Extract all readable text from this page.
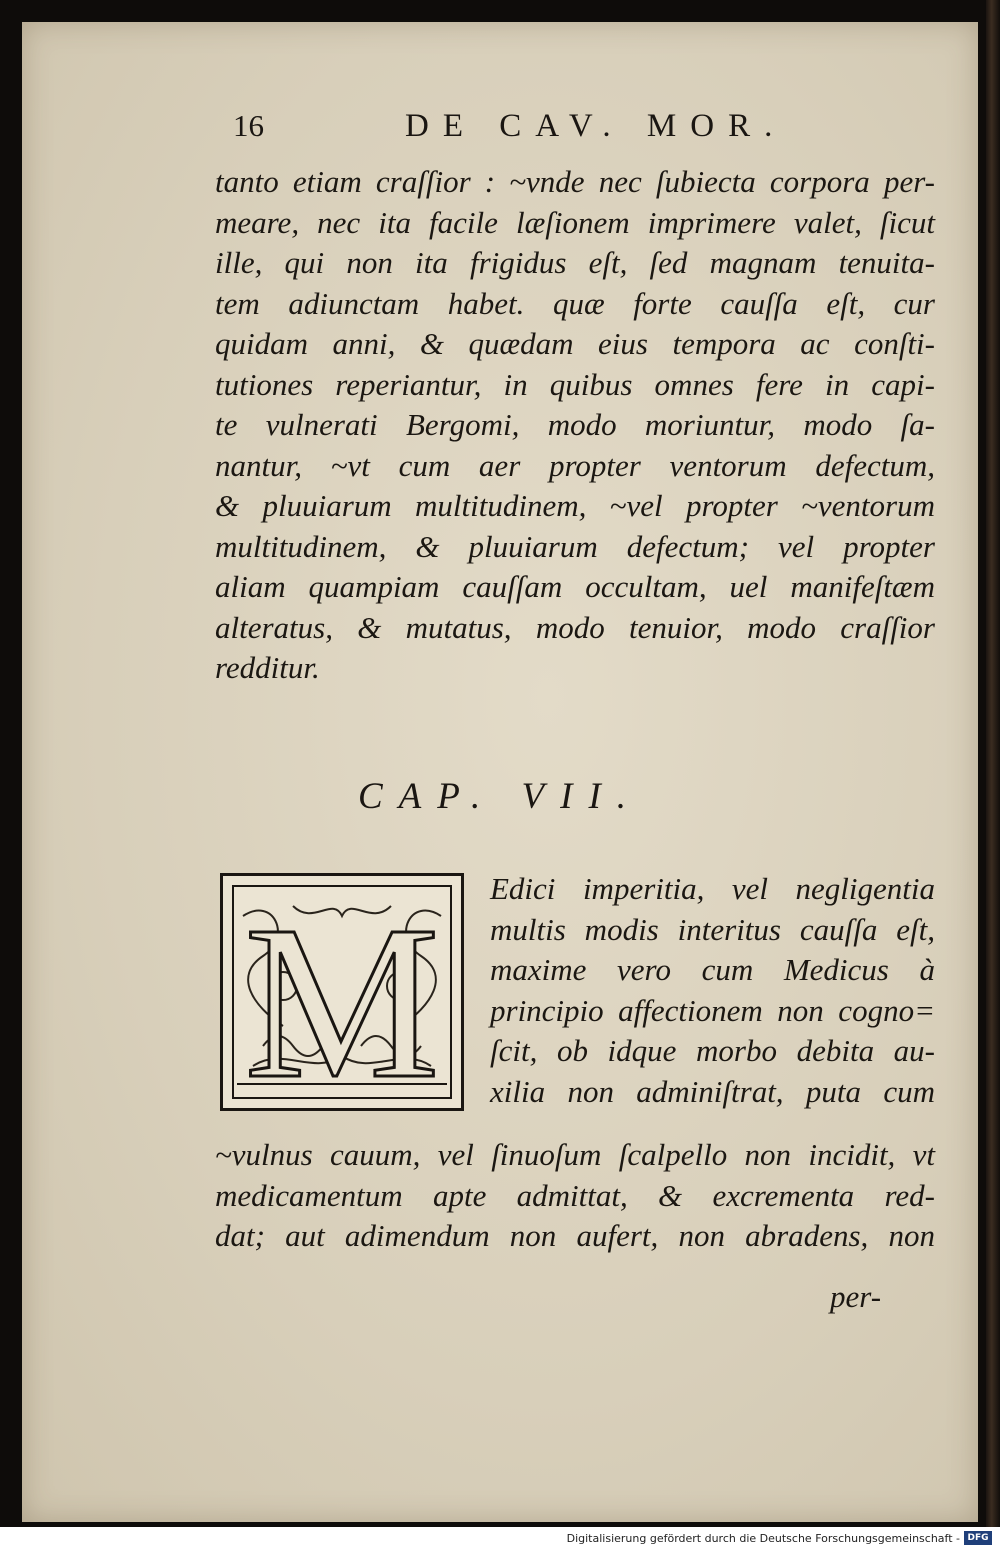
16	DE CAV. MOR.
tanto etiam craſſior : ~vnde nec ſubiecta corpora per-
meare, nec ita facile læſionem imprimere valet, ſicut
ille, qui non ita frigidus eſt, ſed magnam tenuita-
tem adiunctam habet. quæ forte cauſſa eſt, cur
quidam anni, & quædam eius tempora ac conſti-
tutiones reperiantur, in quibus omnes fere in capi-
te vulnerati Bergomi, modo moriuntur, modo ſa-
nantur, ~vt cum aer propter ventorum defectum,
& pluuiarum multitudinem, ~vel propter ~ventorum
multitudinem, & pluuiarum defectum; vel propter
aliam quampiam cauſſam occultam, uel manifeſtæm
alteratus, & mutatus, modo tenuior, modo craſſior
redditur.
CAP. VII.
M Edici imperitia, vel negligentia
multis modis interitus cauſſa eſt,
maxime vero cum Medicus à
principio affectionem non cogno=
ſcit, ob idque morbo debita au-
xilia non adminiſtrat, puta cum
~vulnus cauum, vel ſinuoſum ſcalpello non incidit, vt
medicamentum apte admittat, & excrementa red-
dat; aut adimendum non aufert, non abradens, non
per-
Digitalisierung gefördert durch die Deutsche Forschungsgemeinschaft - DFG
